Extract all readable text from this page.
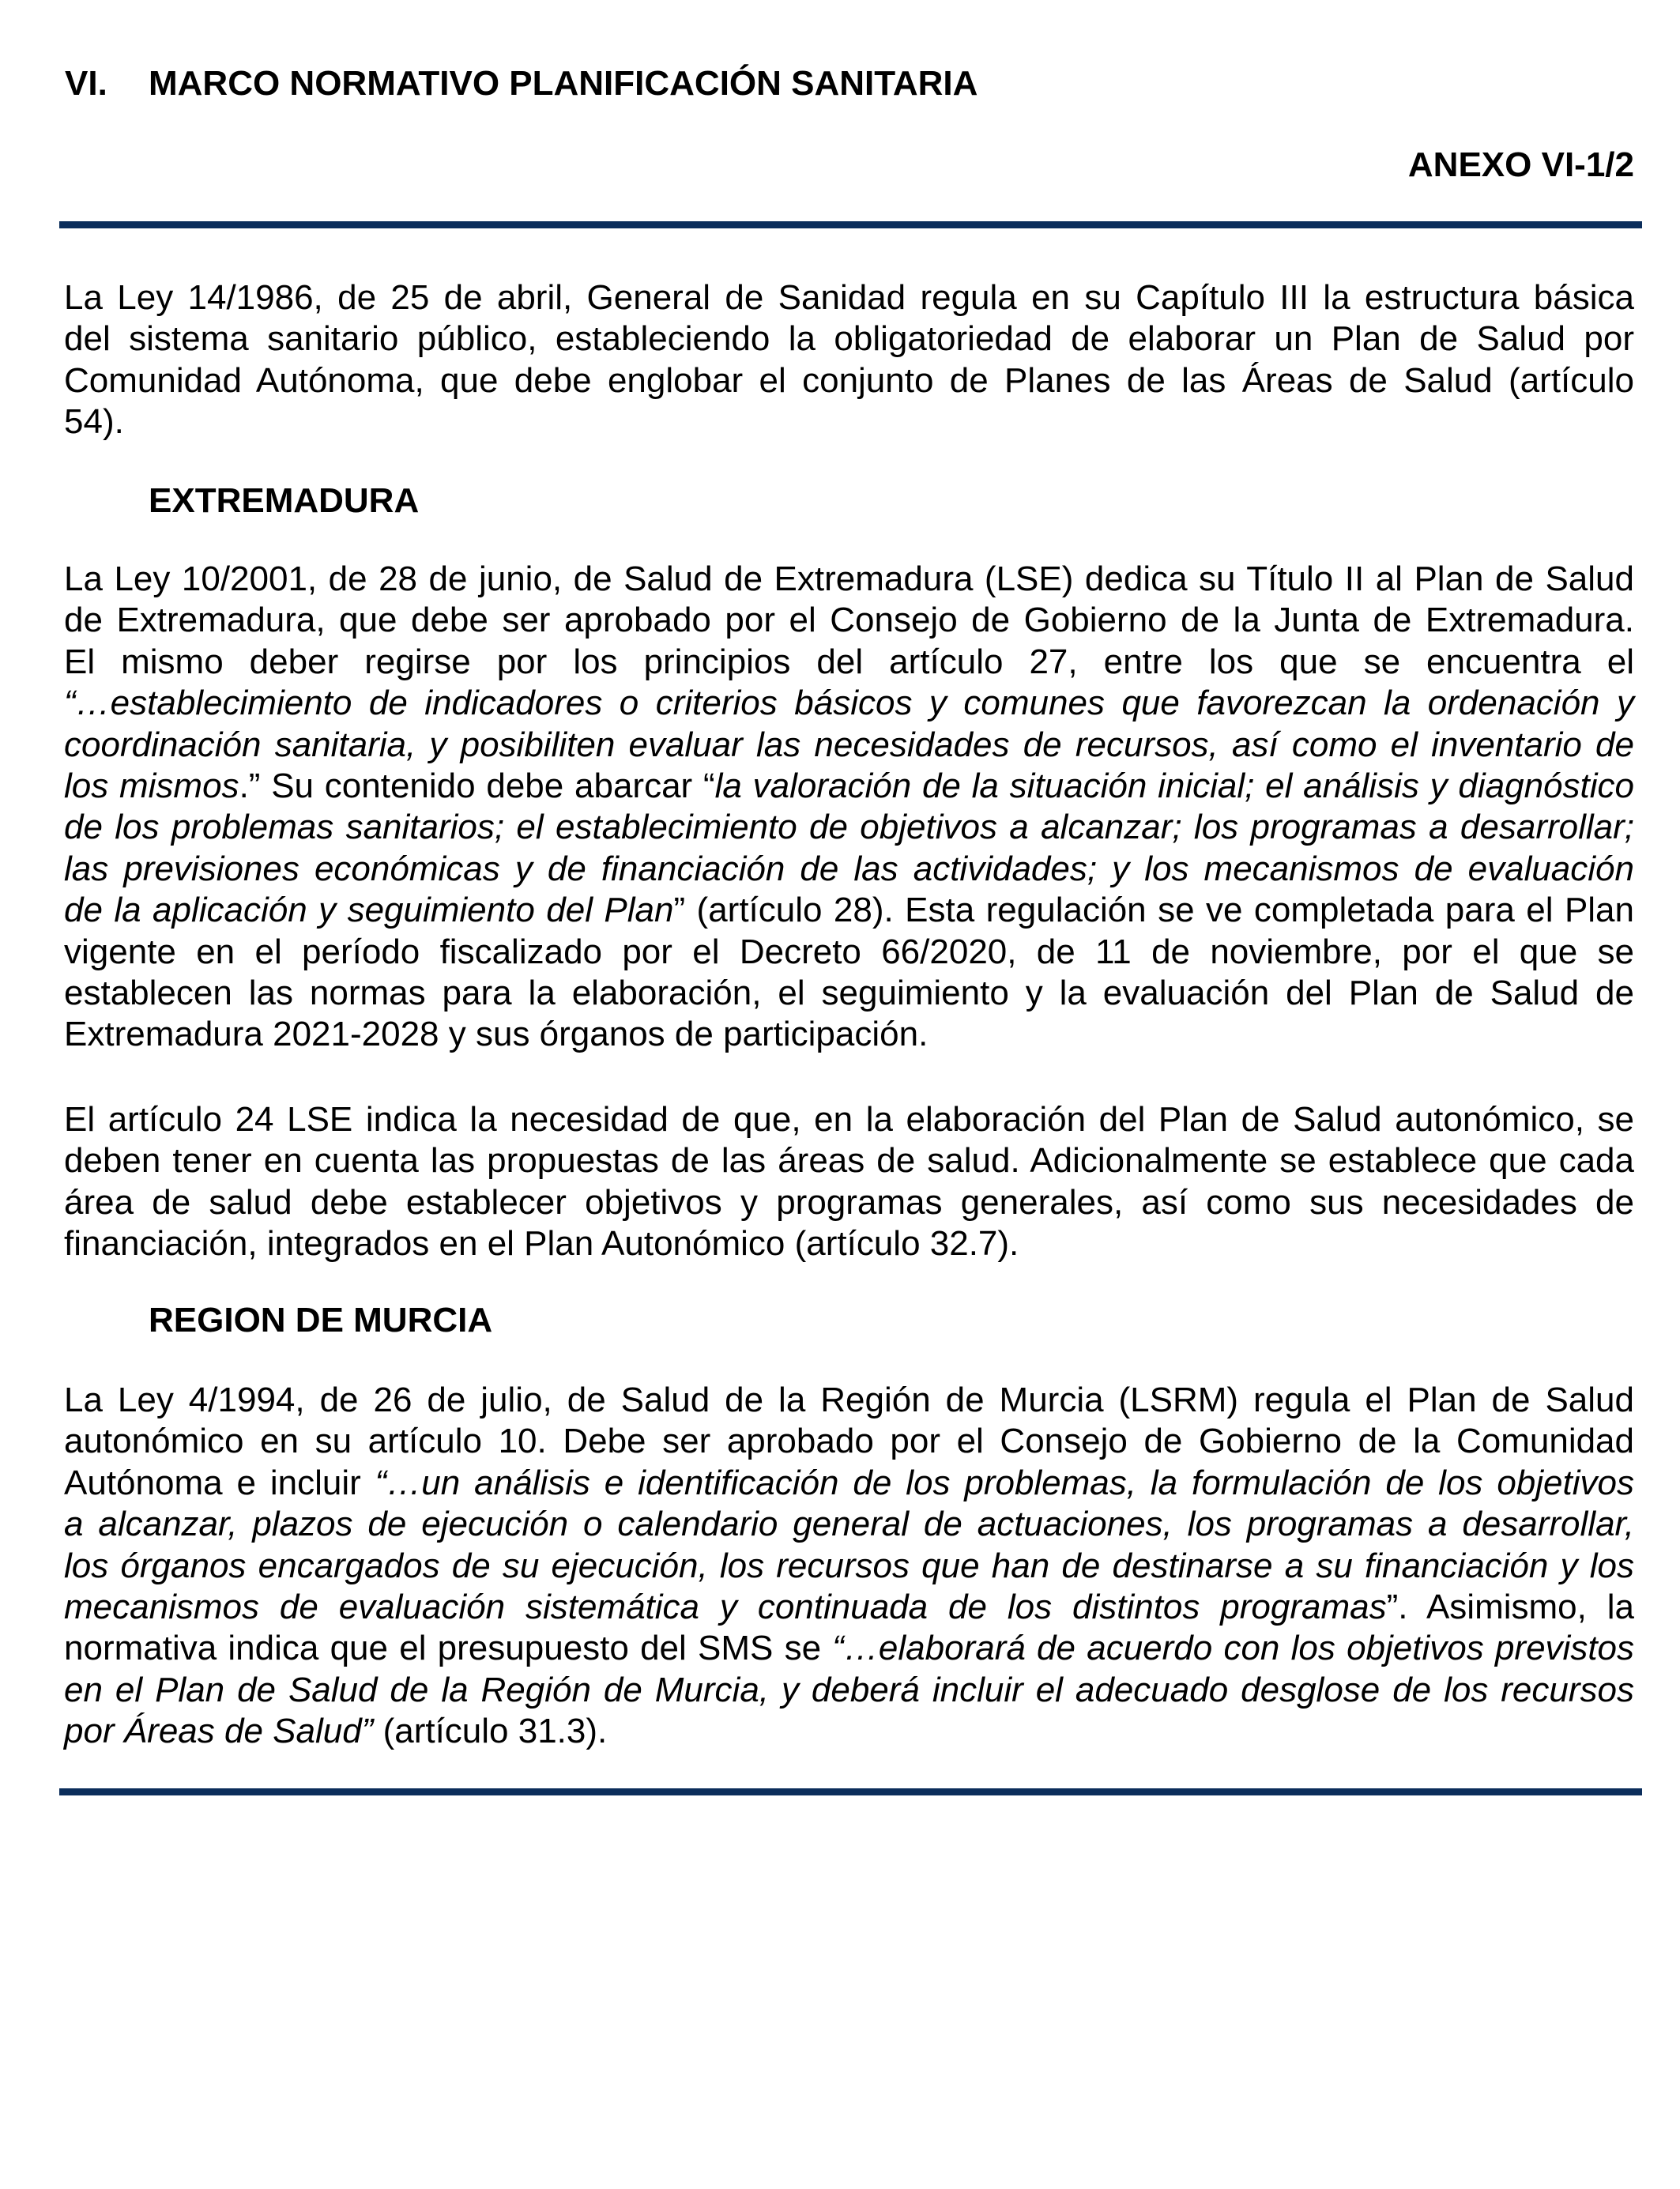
VI. MARCO NORMATIVO PLANIFICACIÓN SANITARIA
ANEXO VI-1/2
La Ley 14/1986, de 25 de abril, General de Sanidad regula en su Capítulo III la estructura básica
del sistema sanitario público, estableciendo la obligatoriedad de elaborar un Plan de Salud por
Comunidad Autónoma, que debe englobar el conjunto de Planes de las Áreas de Salud (artículo
54).
EXTREMADURA
La Ley 10/2001, de 28 de junio, de Salud de Extremadura (LSE) dedica su Título II al Plan de Salud
de Extremadura, que debe ser aprobado por el Consejo de Gobierno de la Junta de Extremadura.
El mismo deber regirse por los principios del artículo 27, entre los que se encuentra el
“…establecimiento de indicadores o criterios básicos y comunes que favorezcan la ordenación y
coordinación sanitaria, y posibiliten evaluar las necesidades de recursos, así como el inventario de
los mismos.” Su contenido debe abarcar “la valoración de la situación inicial; el análisis y diagnóstico
de los problemas sanitarios; el establecimiento de objetivos a alcanzar; los programas a desarrollar;
las previsiones económicas y de financiación de las actividades; y los mecanismos de evaluación
de la aplicación y seguimiento del Plan” (artículo 28). Esta regulación se ve completada para el Plan
vigente en el período fiscalizado por el Decreto 66/2020, de 11 de noviembre, por el que se
establecen las normas para la elaboración, el seguimiento y la evaluación del Plan de Salud de
Extremadura 2021-2028 y sus órganos de participación.
El artículo 24 LSE indica la necesidad de que, en la elaboración del Plan de Salud autonómico, se
deben tener en cuenta las propuestas de las áreas de salud. Adicionalmente se establece que cada
área de salud debe establecer objetivos y programas generales, así como sus necesidades de
financiación, integrados en el Plan Autonómico (artículo 32.7).
REGION DE MURCIA
La Ley 4/1994, de 26 de julio, de Salud de la Región de Murcia (LSRM) regula el Plan de Salud
autonómico en su artículo 10. Debe ser aprobado por el Consejo de Gobierno de la Comunidad
Autónoma e incluir “…un análisis e identificación de los problemas, la formulación de los objetivos
a alcanzar, plazos de ejecución o calendario general de actuaciones, los programas a desarrollar,
los órganos encargados de su ejecución, los recursos que han de destinarse a su financiación y los
mecanismos de evaluación sistemática y continuada de los distintos programas”. Asimismo, la
normativa indica que el presupuesto del SMS se “…elaborará de acuerdo con los objetivos previstos
en el Plan de Salud de la Región de Murcia, y deberá incluir el adecuado desglose de los recursos
por Áreas de Salud” (artículo 31.3).
